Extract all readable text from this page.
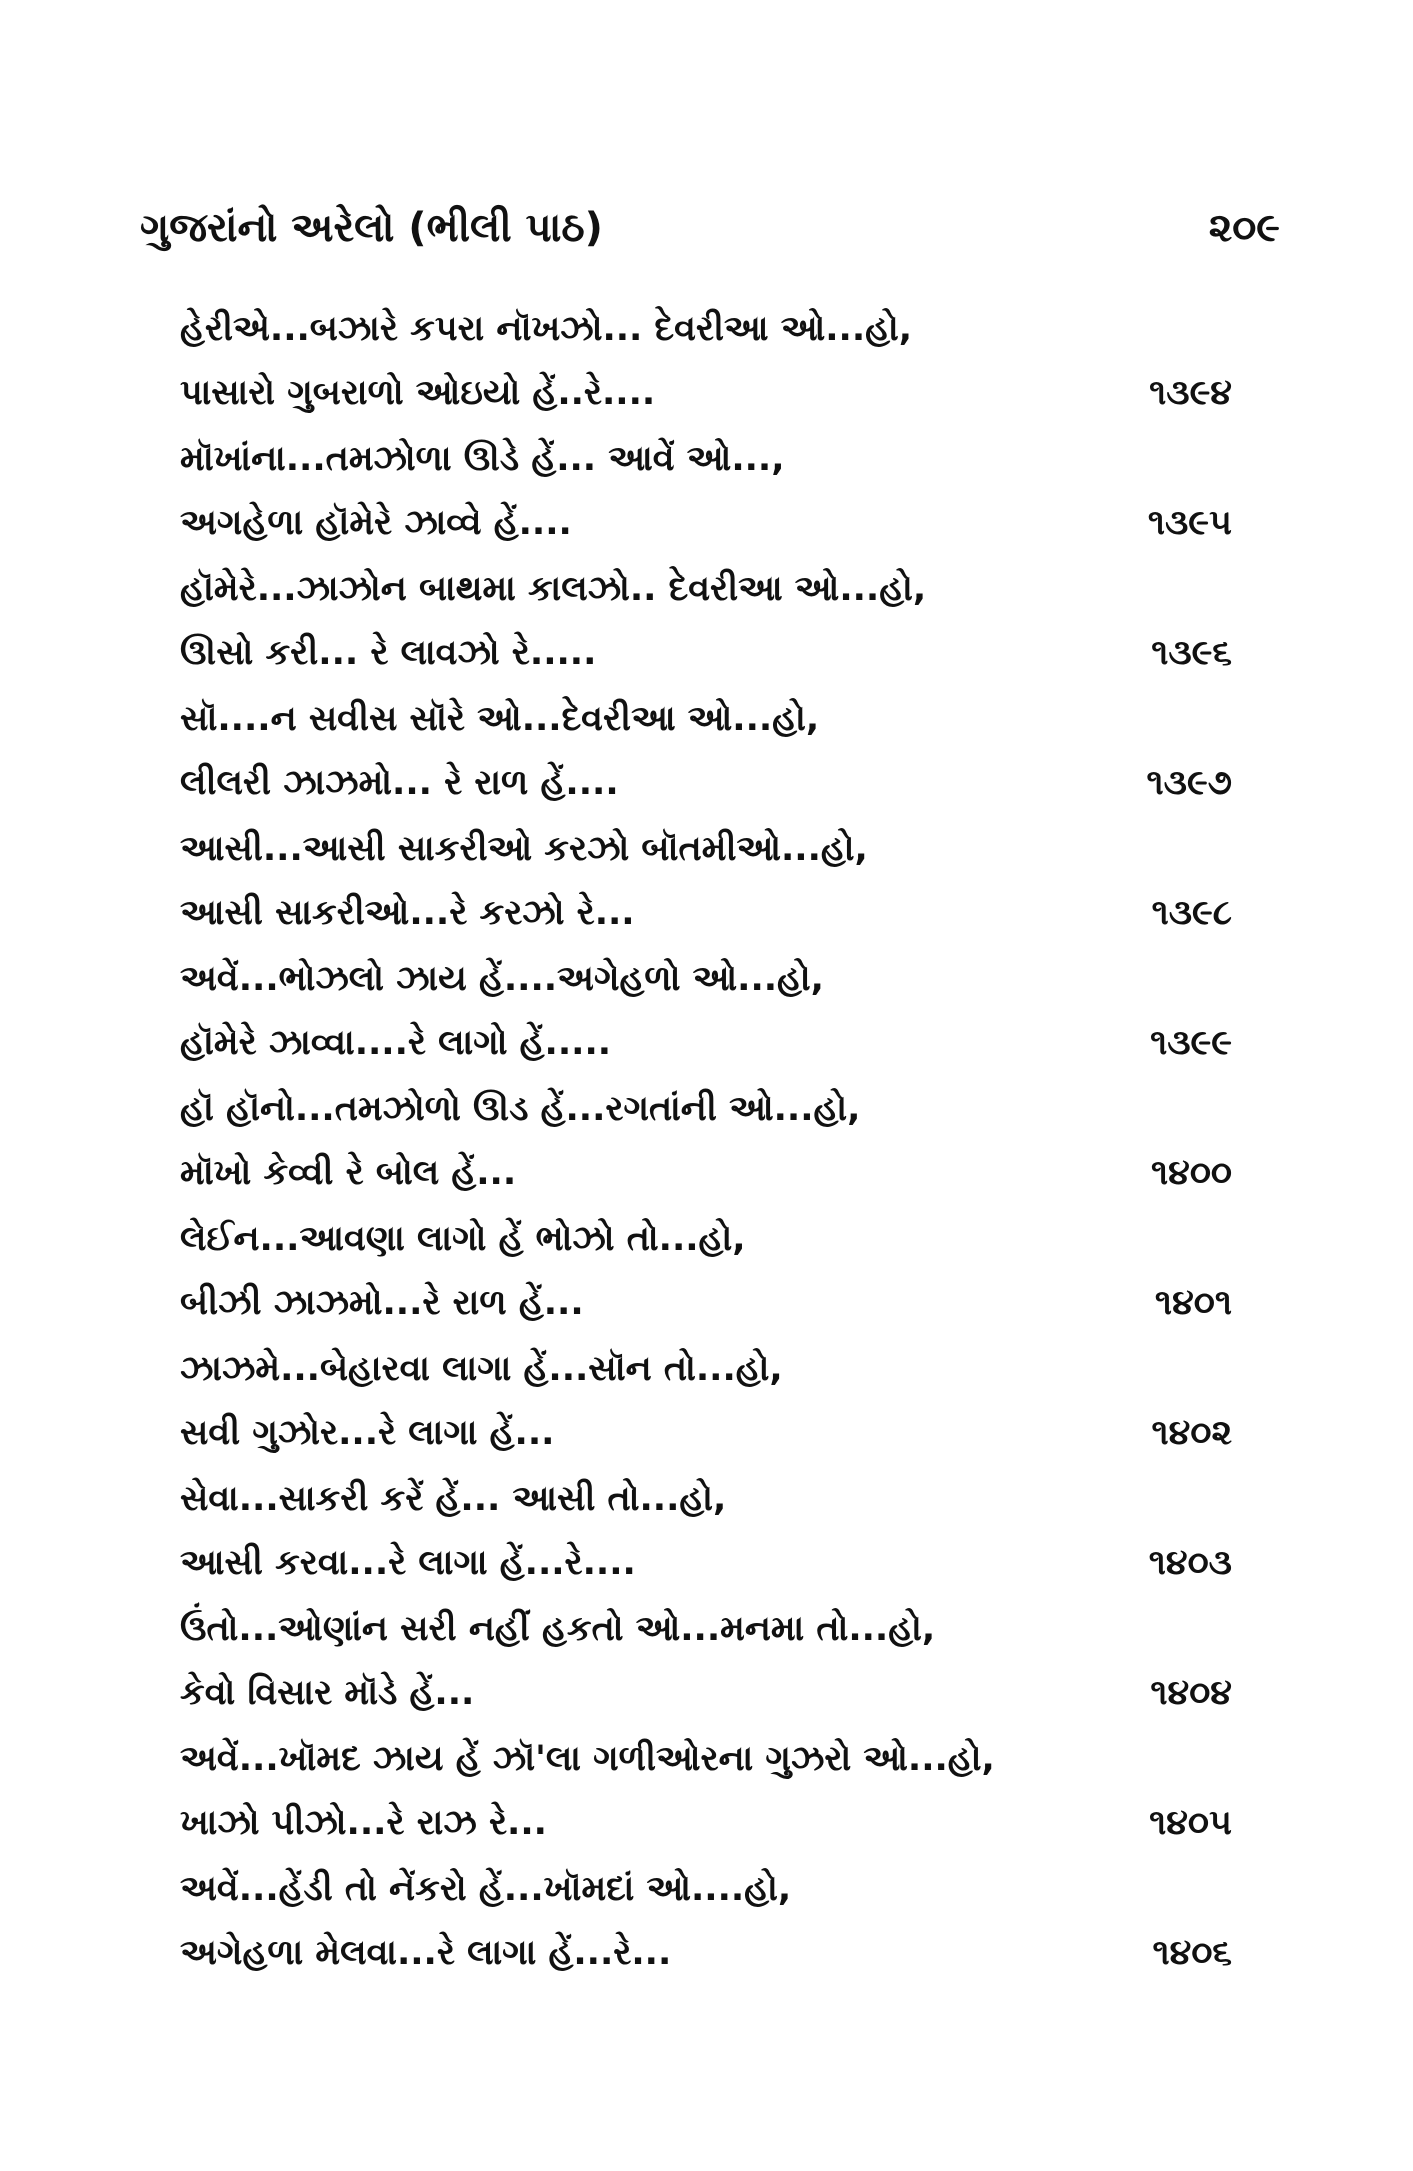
ગુજરાંનો અરેલો (ભીલી પાઠ)	૨૦૯
હેરીએ...બઝારે કપરા નૉખઝો... દેવરીઆ ઓ...હો,
પાસારો ગુબરાળો ઓઇયો હેં..રે....	૧૩૯૪
મૉખાંના...તમઝોળા ઊડે હેં... આવેં ઓ...,
અગહેળા હૉમેરે ઝાવ્વે હેં....	૧૩૯૫
હૉમેરે...ઝાઝોન બાથમા કાલઝો.. દેવરીઆ ઓ...હો,
ઊસો કરી... રે લાવઝો રે.....	૧૩૯૬
સૉ....ન સવીસ સૉરે ઓ...દેવરીઆ ઓ...હો,
લીલરી ઝાઝમો... રે રાળ હેં....	૧૩૯૭
આસી...આસી સાકરીઓ કરઝો બૉતમીઓ...હો,
આસી સાકરીઓ...રે કરઝો રે...	૧૩૯૮
અવેં...ભોઝલો ઝાય હેં....અગેહળો ઓ...હો,
હૉમેરે ઝાવ્વા....રે લાગો હેં.....	૧૩૯૯
હૉ હૉનો...તમઝોળો ઊડ હેં...રગતાંની ઓ...હો,
મૉખો કેવ્વી રે બોલ હેં...	૧૪૦૦
લેઈન...આવણા લાગો હેં ભોઝો તો...હો,
બીઝી ઝાઝમો...રે રાળ હેં...	૧૪૦૧
ઝાઝમે...બેહારવા લાગા હેં...સૉન તો...હો,
સવી ગુઝોર...રે લાગા હેં...	૧૪૦૨
સેવા...સાકરી કરેં હેં... આસી તો...હો,
આસી કરવા...રે લાગા હેં...રે....	૧૪૦૩
ઉંતો...ઓણાંન સરી નહીં હકતો ઓ...મનમા તો...હો,
કેવો વિસાર મૉડે હેં...	૧૪૦૪
અવેં...ખૉમદ ઝાય હેં ઝૉ'લા ગળીઓરના ગુઝરો ઓ...હો,
ખાઝો પીઝો...રે રાઝ રે...	૧૪૦૫
અવેં...હેંડી તો નેંકરો હેં...ખૉમદાં ઓ....હો,
અગેહળા મેલવા...રે લાગા હેં...રે...	૧૪૦૬
